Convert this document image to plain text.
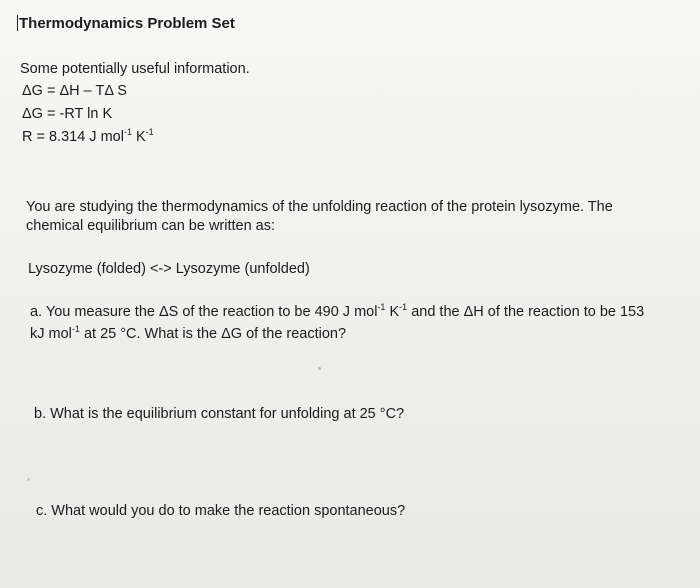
Thermodynamics Problem Set
Some potentially useful information.
ΔG = ΔH – TΔ S
ΔG = -RT ln K
R = 8.314 J mol$^{-1}$ $K^{-1}$
You are studying the thermodynamics of the unfolding reaction of the protein lysozyme. The
chemical equilibrium can be written as:
Lysozyme (folded) <-> Lysozyme (unfolded)
a. You measure the ΔS of the reaction to be 490 J mol$^{-1}$ $K^{-1}$ and the ΔH of the reaction to be 153
kJ mol$^{-1}$ at 25 °C. What is the ΔG of the reaction?
b. What is the equilibrium constant for unfolding at 25 °C?
c. What would you do to make the reaction spontaneous?
